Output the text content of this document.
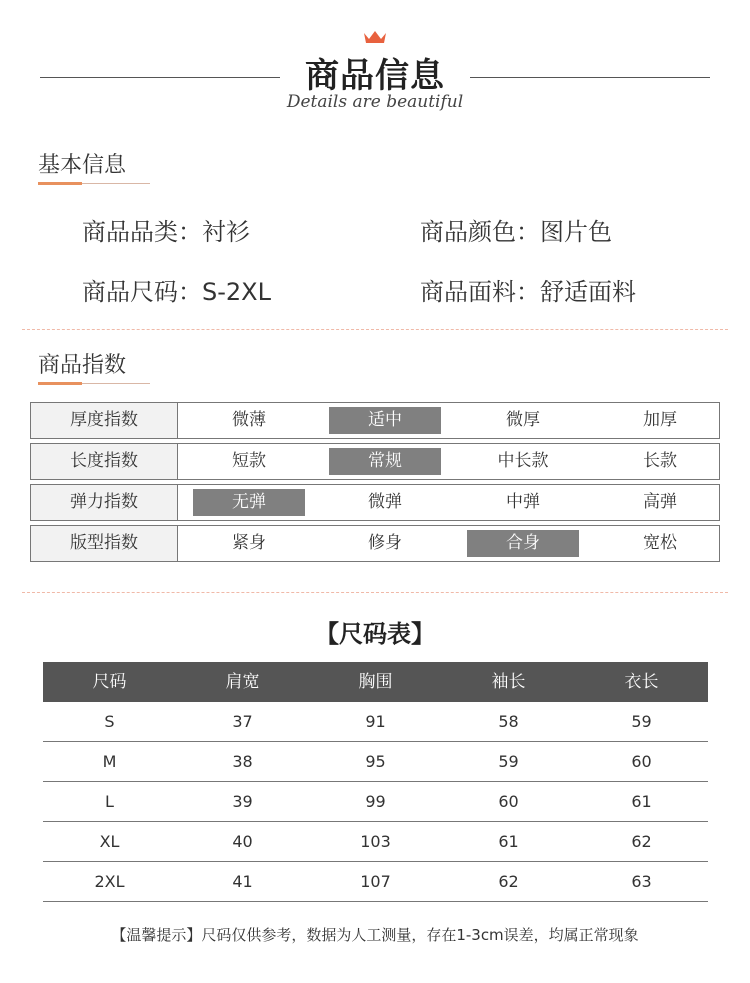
商品信息
Details are beautiful
基本信息
商品品类：衬衫	商品颜色：图片色
商品尺码：S-2XL	商品面料：舒适面料
商品指数
厚度指数	微薄	适中	微厚	加厚
长度指数	短款	常规	中长款	长款
弹力指数	无弹	微弹	中弹	高弹
版型指数	紧身	修身	合身	宽松
【尺码表】
尺码	肩宽	胸围	袖长	衣长
S	37	91	58	59
M	38	95	59	60
L	39	99	60	61
XL	40	103	61	62
2XL	41	107	62	63
【温馨提示】尺码仅供参考，数据为人工测量，存在1-3cm误差，均属正常现象
